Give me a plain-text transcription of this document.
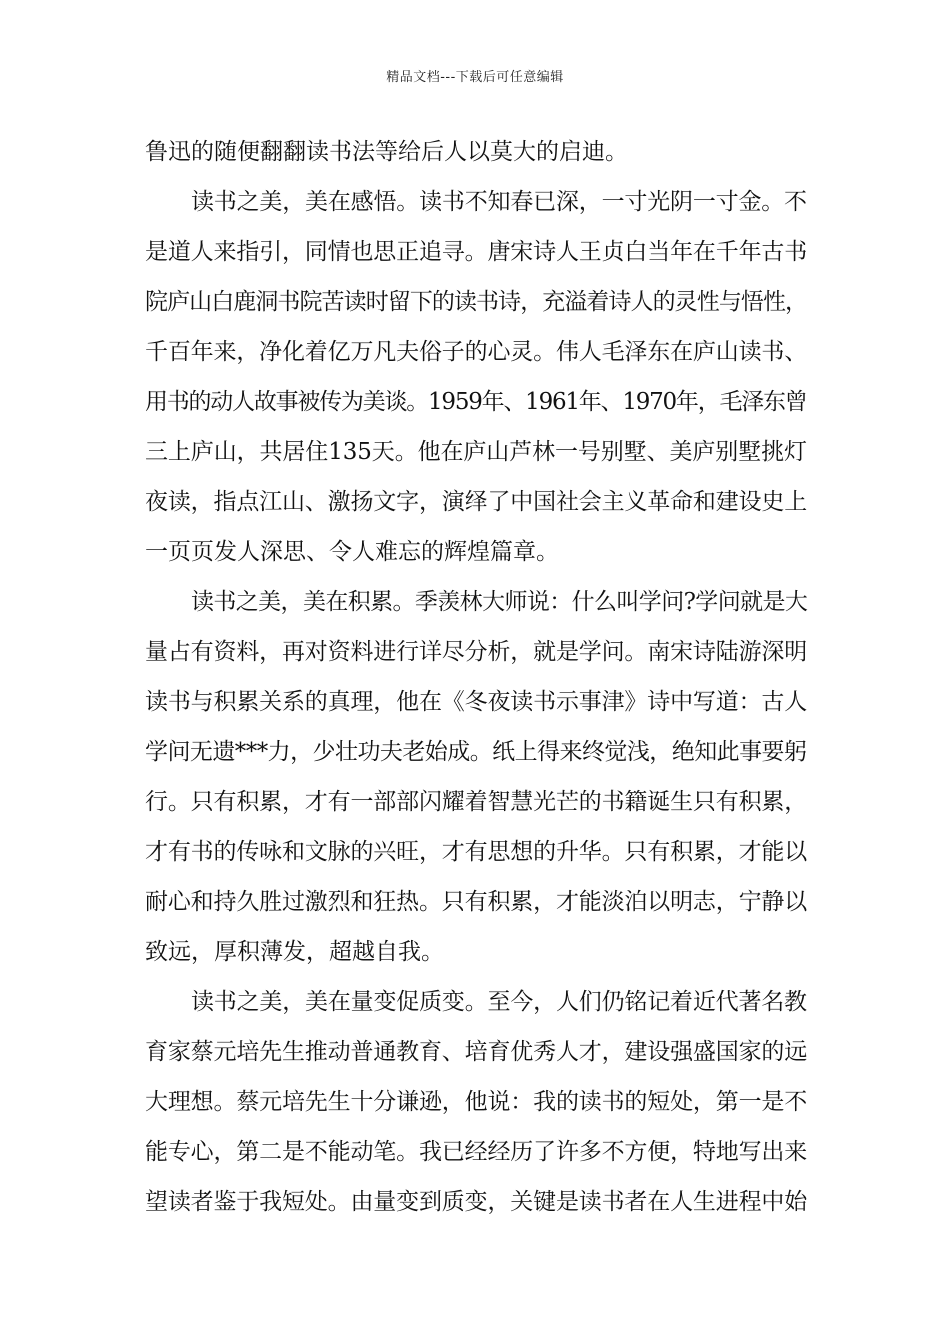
精品文档---下载后可任意编辑
鲁迅的随便翻翻读书法等给后人以莫大的启迪。
读书之美，美在感悟。读书不知春已深，一寸光阴一寸金。不
是道人来指引，同情也思正追寻。唐宋诗人王贞白当年在千年古书
院庐山白鹿洞书院苦读时留下的读书诗，充溢着诗人的灵性与悟性，
千百年来，净化着亿万凡夫俗子的心灵。伟人毛泽东在庐山读书、
用书的动人故事被传为美谈。1959年、1961年、1970年，毛泽东曾
三上庐山，共居住135天。他在庐山芦林一号别墅、美庐别墅挑灯
夜读，指点江山、激扬文字，演绎了中国社会主义革命和建设史上
一页页发人深思、令人难忘的辉煌篇章。
读书之美，美在积累。季羡林大师说：什么叫学问?学问就是大
量占有资料，再对资料进行详尽分析，就是学问。南宋诗陆游深明
读书与积累关系的真理，他在《冬夜读书示事津》诗中写道：古人
学问无遗***力，少壮功夫老始成。纸上得来终觉浅，绝知此事要躬
行。只有积累，才有一部部闪耀着智慧光芒的书籍诞生只有积累，
才有书的传咏和文脉的兴旺，才有思想的升华。只有积累，才能以
耐心和持久胜过激烈和狂热。只有积累，才能淡泊以明志，宁静以
致远，厚积薄发，超越自我。
读书之美，美在量变促质变。至今，人们仍铭记着近代著名教
育家蔡元培先生推动普通教育、培育优秀人才，建设强盛国家的远
大理想。蔡元培先生十分谦逊，他说：我的读书的短处，第一是不
能专心，第二是不能动笔。我已经经历了许多不方便，特地写出来
望读者鉴于我短处。由量变到质变，关键是读书者在人生进程中始
